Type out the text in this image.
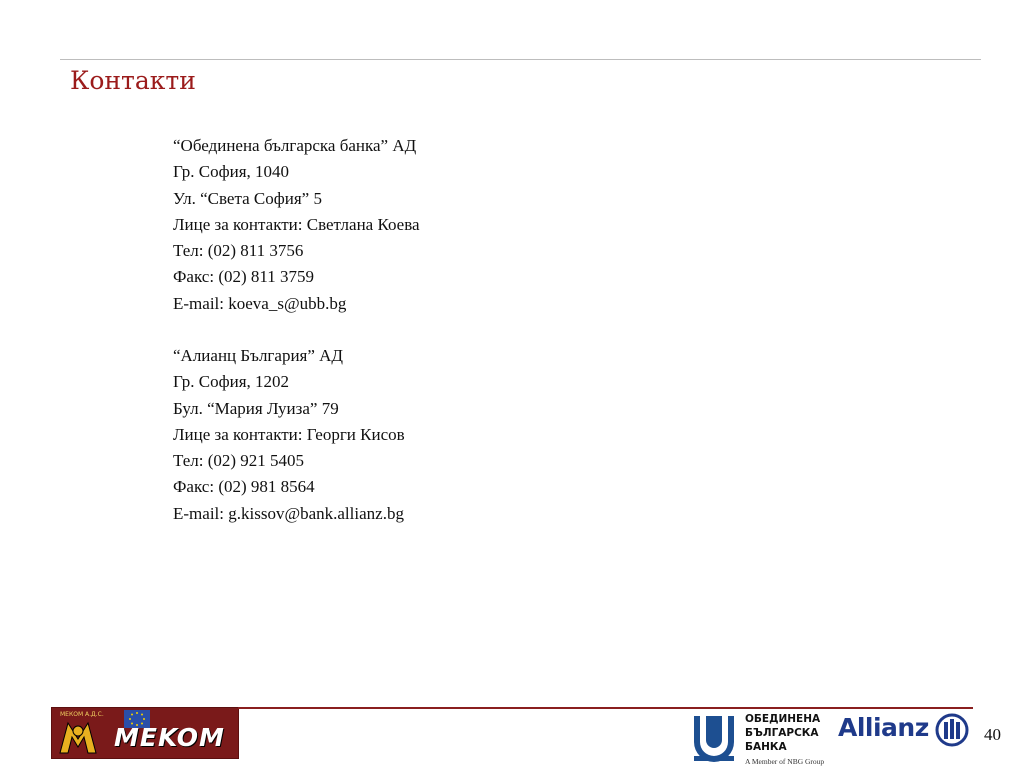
Контакти
“Обединена българска банка” АД
Гр. София, 1040
Ул. “Света София” 5
Лице за контакти: Светлана Коева
Тел: (02) 811 3756
Факс: (02) 811 3759
E-mail: koeva_s@ubb.bg
“Алианц България” АД
Гр. София, 1202
Бул. “Мария Луиза” 79
Лице за контакти: Георги Кисов
Тел: (02) 921 5405
Факс: (02) 981 8564
E-mail: g.kissov@bank.allianz.bg
МЕКОМ А.Д.С.
MEKOM
ОБЕДИНЕНА
БЪЛГАРСКА
БАНКА
A Member of NBG Group
Allianz	40
